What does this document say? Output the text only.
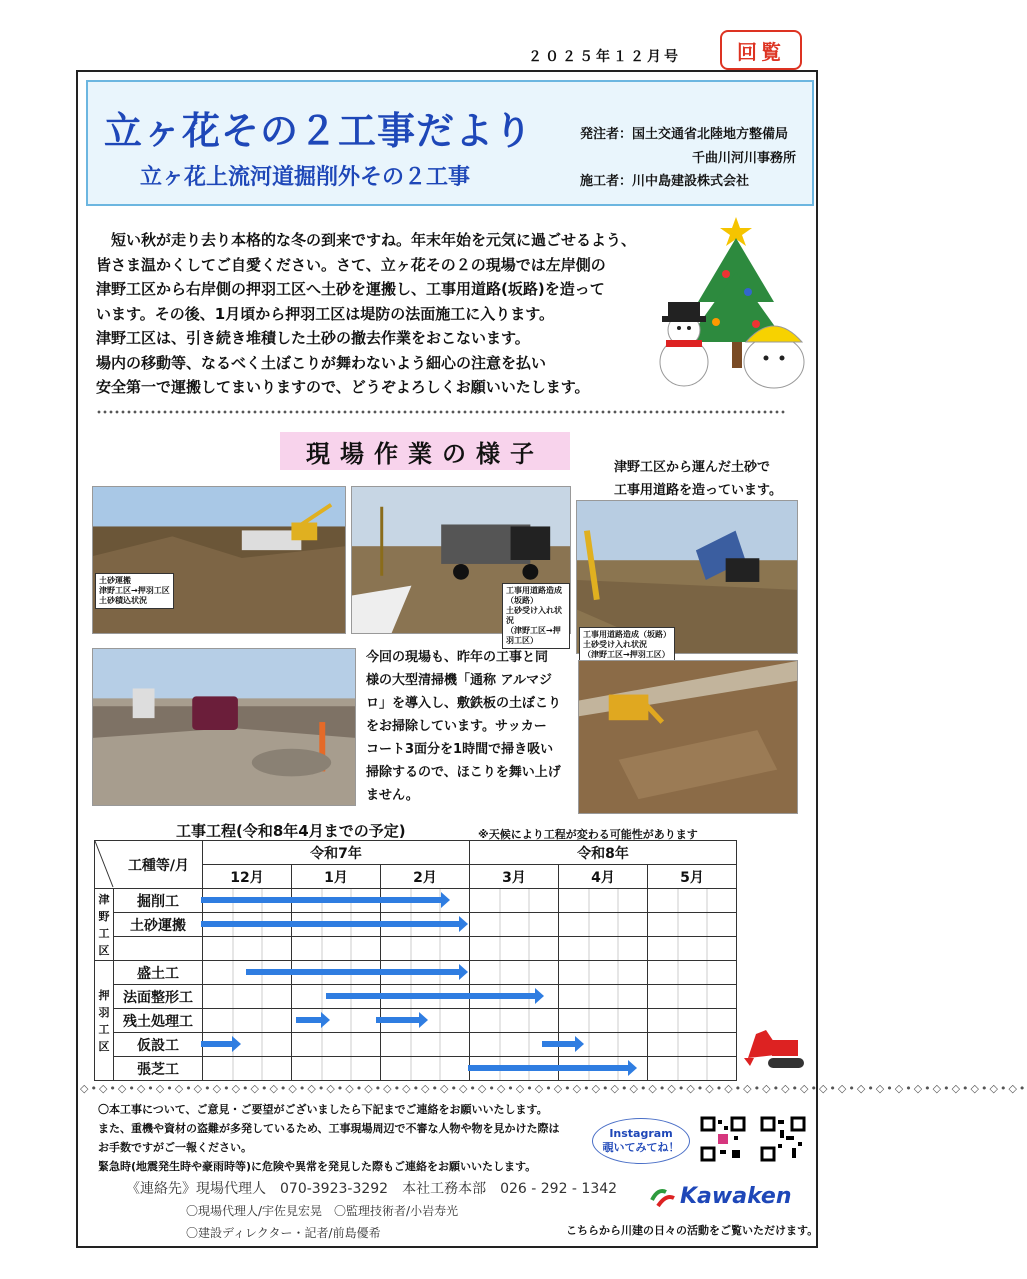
２０２５年１２月号	回覧
立ヶ花その２工事だより
立ヶ花上流河道掘削外その２工事
発注者：国土交通省北陸地方整備局
千曲川河川事務所
施工者：川中島建設株式会社

　短い秋が走り去り本格的な冬の到来ですね。年末年始を元気に過ごせるよう、

皆さま温かくしてご自愛ください。さて、立ヶ花その２の現場では左岸側の

津野工区から右岸側の押羽工区へ土砂を運搬し、工事用道路(坂路)を造って

います。その後、1月頃から押羽工区は堤防の法面施工に入ります。

津野工区は、引き続き堆積した土砂の撤去作業をおこないます。

場内の移動等、なるべく土ぼこりが舞わないよう細心の注意を払い

安全第一で運搬してまいりますので、どうぞよろしくお願いいたします。

現場作業の様子	津野工区から運んだ土砂で
工事用道路を造っています。
土砂運搬
津野工区→押羽工区
土砂積込状況
工事用道路造成（坂路）
土砂受け入れ状況
（津野工区→押羽工区）
工事用道路造成（坂路）
土砂受け入れ状況
（津野工区→押羽工区）
今回の現場も、昨年の工事と同
様の大型清掃機「通称 アルマジ
ロ」を導入し、敷鉄板の土ぼこり
をお掃除しています。サッカー
コート3面分を1時間で掃き吸い
掃除するので、ほこりを舞い上げ
ません。
工事工程(令和8年4月までの予定)	※天候により工程が変わる可能性があります
工種等/月		令和7年			令和8年		
		12月	1月	2月	3月	4月	5月

津
野
工
区	掘削工						
	土砂運搬						

押
羽
工
区	盛土工						
	法面整形工						
	残土処理工						
	仮設工						
	張芝工						
◇•◇•◇•◇•◇•◇•◇•◇•◇•◇•◇•◇•◇•◇•◇•◇•◇•◇•◇•◇•◇•◇•◇•◇•◇•◇•◇•◇•◇•◇•◇•◇•◇•◇•◇•◇•◇•◇•◇•◇•◇•◇•◇•◇•◇•◇•◇•◇•◇•◇•
〇本工事について、ご意見・ご要望がございましたら下記までご連絡をお願いいたします。
また、重機や資材の盗難が多発しているため、工事現場周辺で不審な人物や物を見かけた際は
お手数ですがご一報ください。
緊急時(地震発生時や豪雨時等)に危険や異常を発見した際もご連絡をお願いいたします。
《連絡先》現場代理人　070-3923-3292　本社工務本部　026 - 292 - 1342
〇現場代理人/宇佐見宏晃　〇監理技術者/小岩寿光
〇建設ディレクター・記者/前島優希
Instagram
覗いてみてね！
Kawaken
こちらから川建の日々の活動をご覧いただけます。
